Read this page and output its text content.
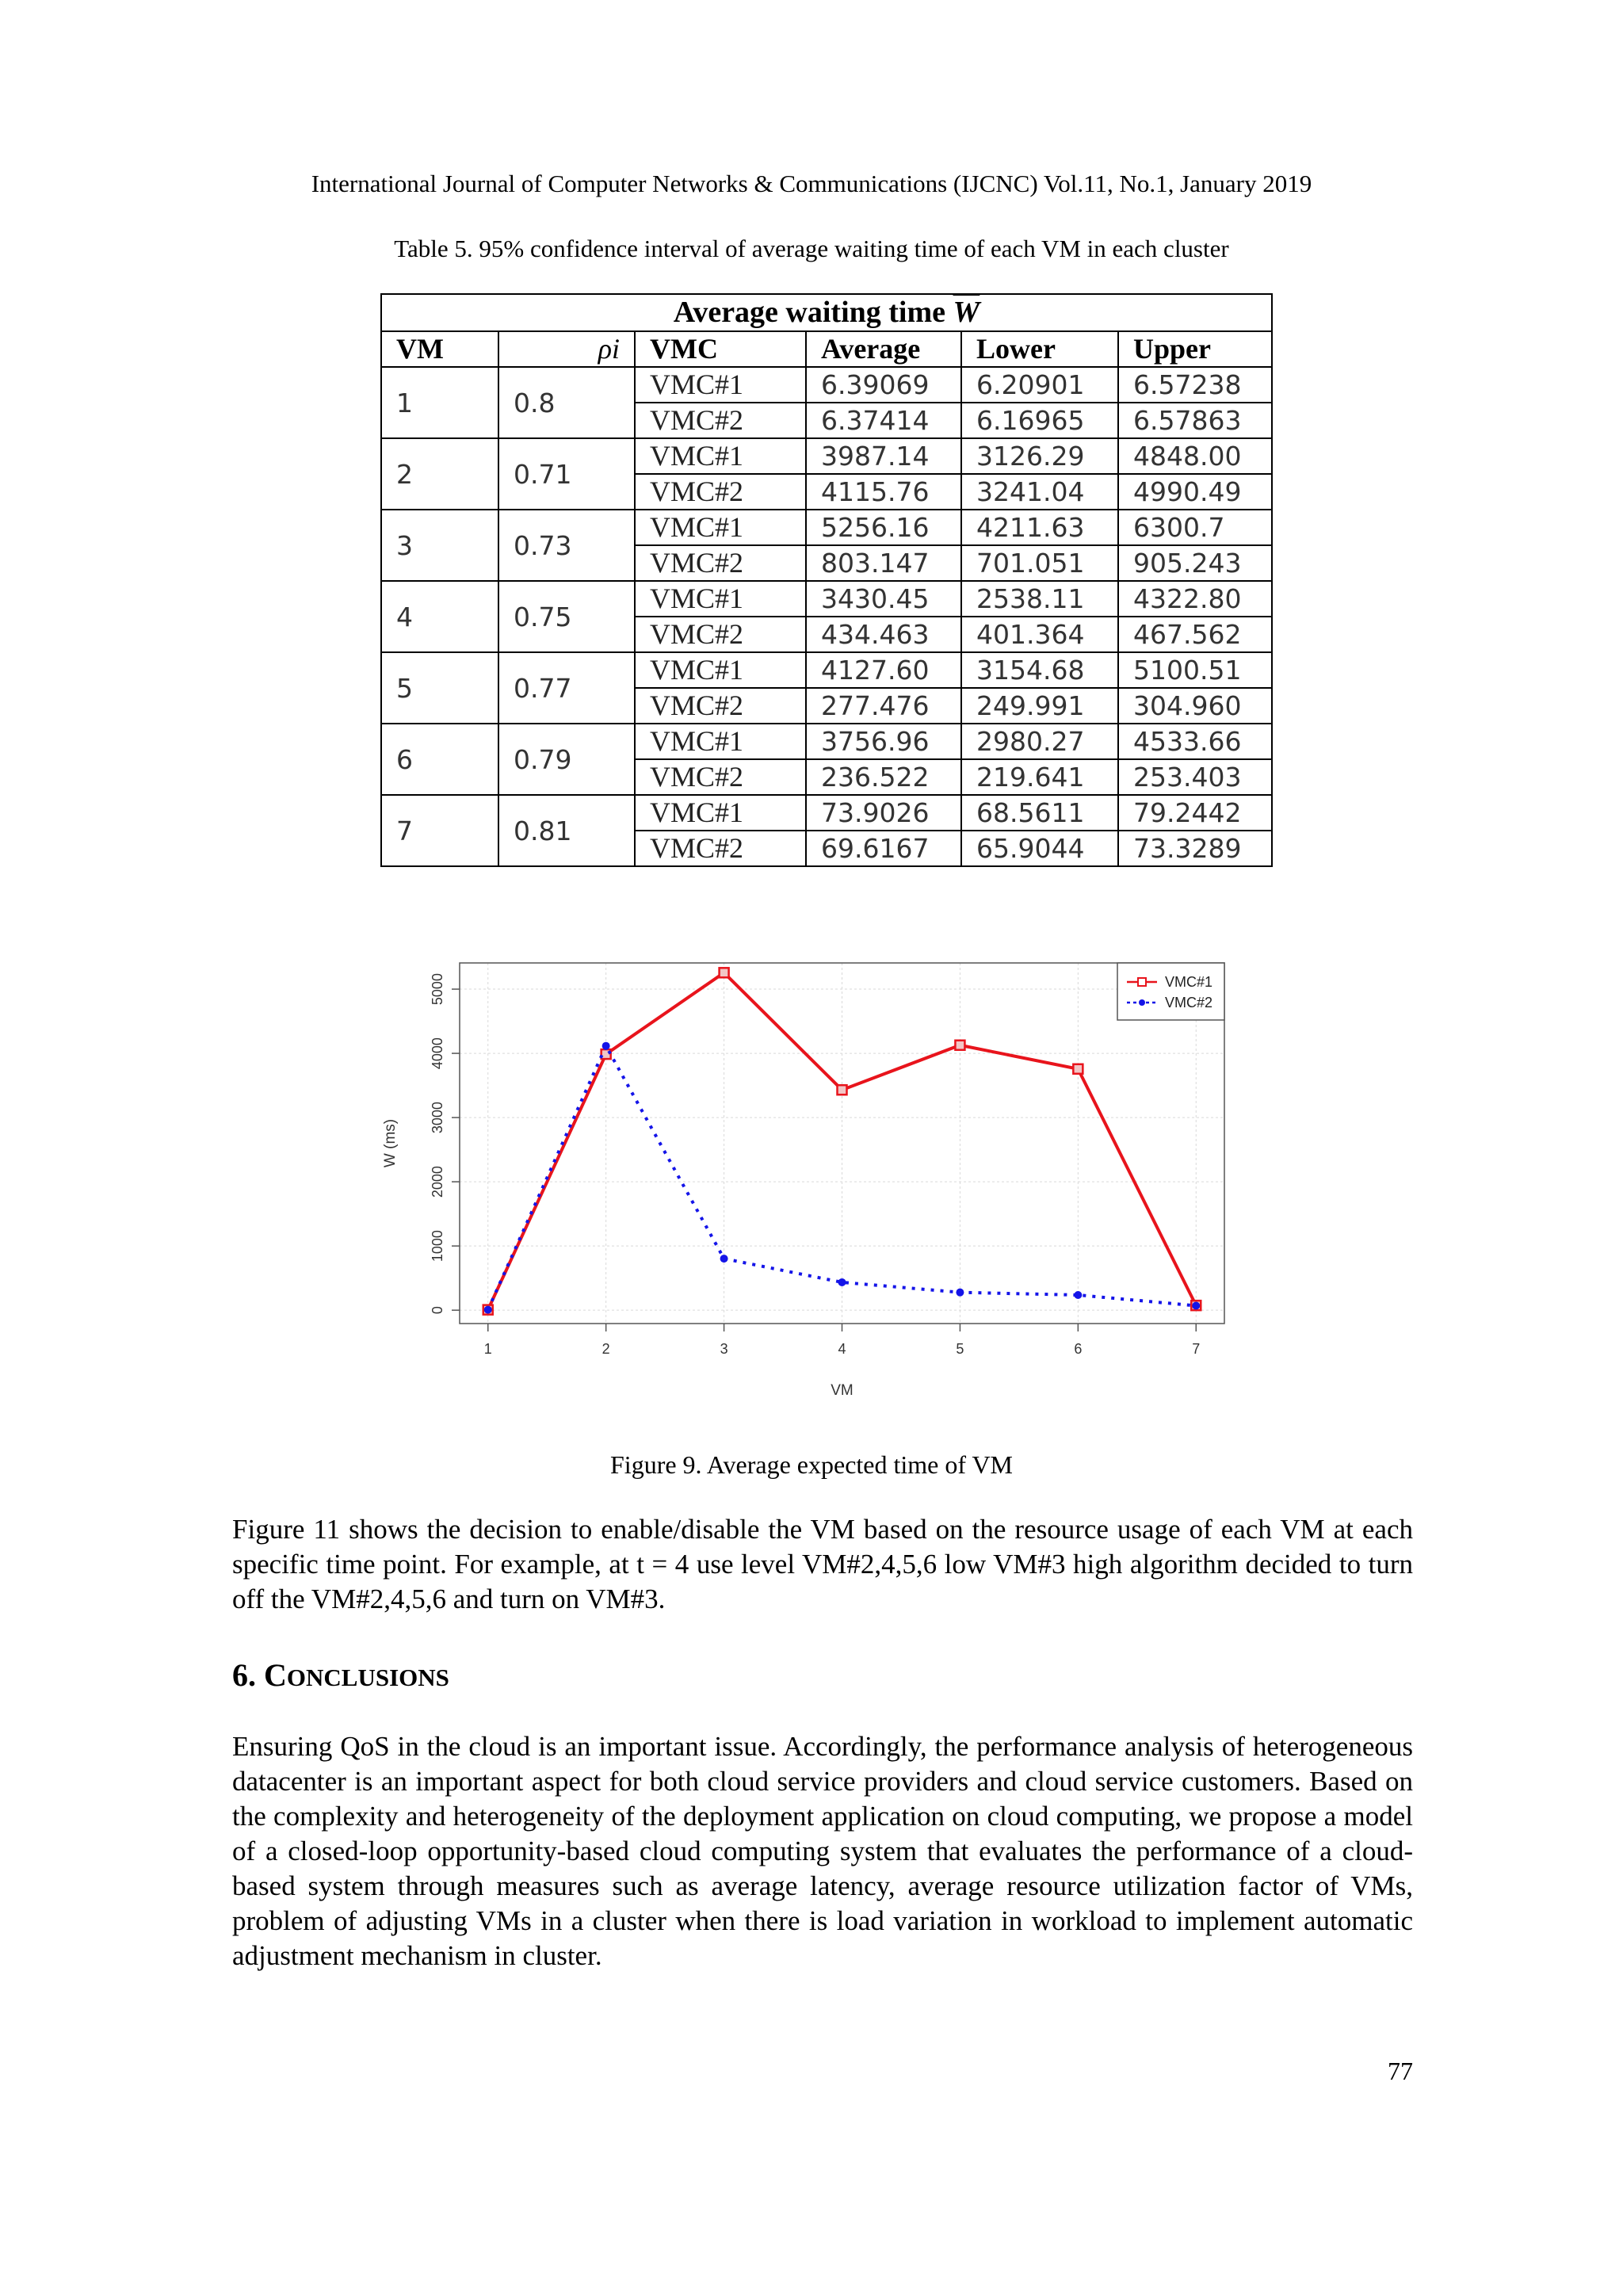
International Journal of Computer Networks & Communications (IJCNC) Vol.11, No.1, January 2019
Table 5. 95% confidence interval of average waiting time of each VM in each cluster
Average waiting time $\overline{W}$
VM	ρi	VMC	Average	Lower	Upper
1	0.8	VMC#1	6.39069	6.20901	6.57238
		VMC#2	6.37414	6.16965	6.57863
2	0.71	VMC#1	3987.14	3126.29	4848.00
		VMC#2	4115.76	3241.04	4990.49
3	0.73	VMC#1	5256.16	4211.63	6300.7
		VMC#2	803.147	701.051	905.243
4	0.75	VMC#1	3430.45	2538.11	4322.80
		VMC#2	434.463	401.364	467.562
5	0.77	VMC#1	4127.60	3154.68	5100.51
		VMC#2	277.476	249.991	304.960
6	0.79	VMC#1	3756.96	2980.27	4533.66
		VMC#2	236.522	219.641	253.403
7	0.81	VMC#1	73.9026	68.5611	79.2442
		VMC#2	69.6167	65.9044	73.3289
1	2	3	4	5	6	7
0
1000
2000
3000
4000
5000
VM
W (ms)
VMC#1
VMC#2
Figure 9. Average expected time of VM
Figure 11 shows the decision to enable/disable the VM based on the resource usage of each VM at each specific time point. For example, at t = 4 use level VM#2,4,5,6 low VM#3 high algorithm decided to turn off the VM#2,4,5,6 and turn on VM#3.
6. CONCLUSIONS
Ensuring QoS in the cloud is an important issue. Accordingly, the performance analysis of heterogeneous datacenter is an important aspect for both cloud service providers and cloud service customers. Based on the complexity and heterogeneity of the deployment application on cloud computing, we propose a model of a closed-loop opportunity-based cloud computing system that evaluates the performance of a cloud-based system through measures such as average latency, average resource utilization factor of VMs, problem of adjusting VMs in a cluster when there is load variation in workload to implement automatic adjustment mechanism in cluster.
77
